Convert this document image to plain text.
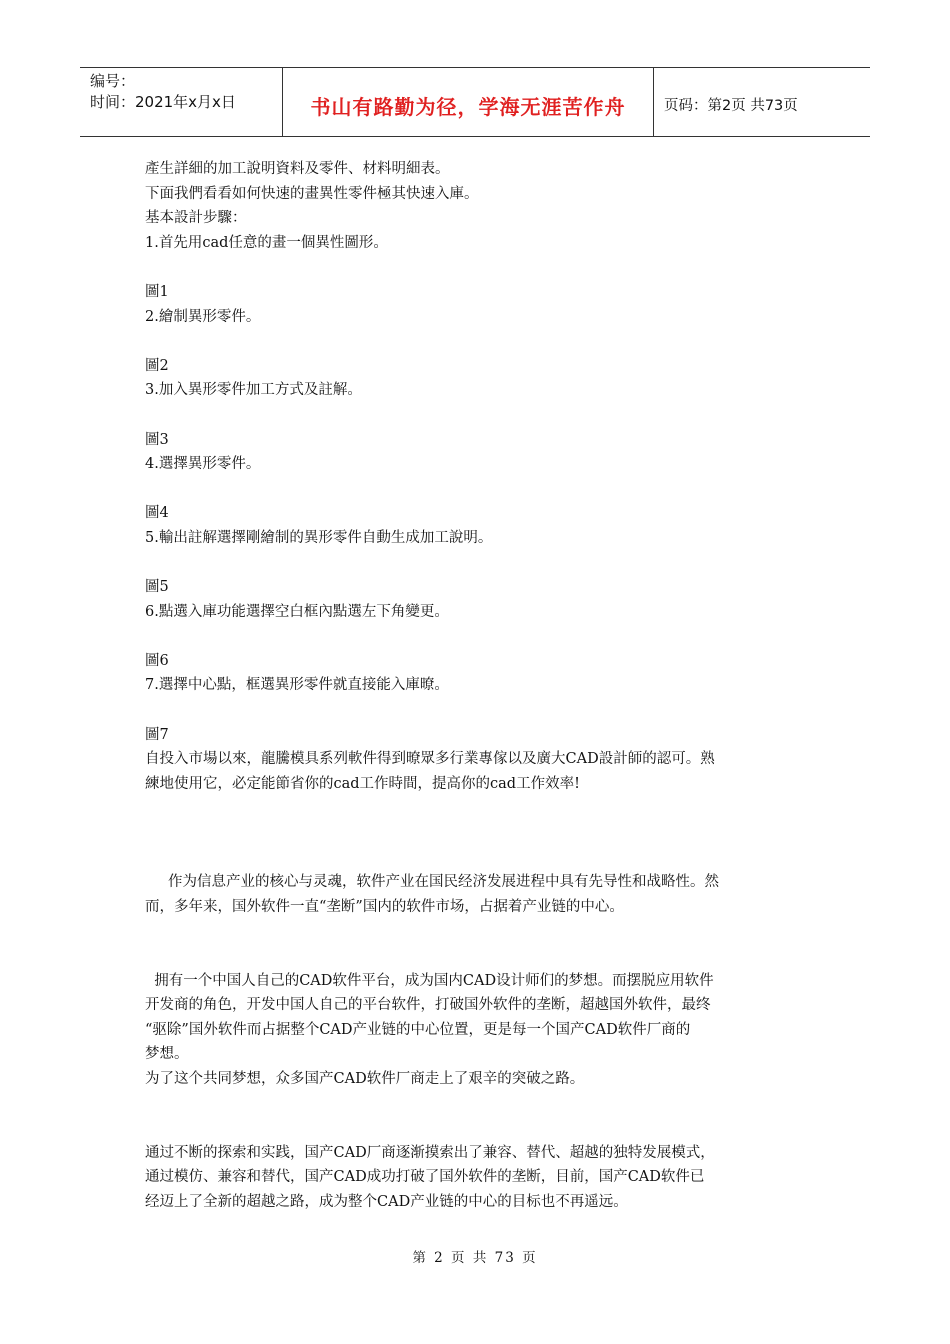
编号：
时间：2021年x月x日	书山有路勤为径，学海无涯苦作舟	页码：第2页 共73页

產生詳細的加工說明資料及零件、材料明細表。

下面我們看看如何快速的畫異性零件極其快速入庫。

基本設計步驟：

1.首先用cad任意的畫一個異性圖形。

圖1

2.繪制異形零件。

圖2

3.加入異形零件加工方式及註解。

圖3

4.選擇異形零件。

圖4

5.輸出註解選擇剛繪制的異形零件自動生成加工說明。

圖5

6.點選入庫功能選擇空白框內點選左下角變更。

圖6

7.選擇中心點，框選異形零件就直接能入庫暸。

圖7

自投入市場以來，龍騰模具系列軟件得到暸眾多行業專傢以及廣大CAD設計師的認可。熟

練地使用它，必定能節省你的cad工作時間，提高你的cad工作效率!

作为信息产业的核心与灵魂，软件产业在国民经济发展进程中具有先导性和战略性。然

而，多年来，国外软件一直“垄断”国内的软件市场，占据着产业链的中心。

拥有一个中国人自己的CAD软件平台，成为国内CAD设计师们的梦想。而摆脱应用软件

开发商的角色，开发中国人自己的平台软件，打破国外软件的垄断，超越国外软件，最终

“驱除”国外软件而占据整个CAD产业链的中心位置，更是每一个国产CAD软件厂商的

梦想。

为了这个共同梦想，众多国产CAD软件厂商走上了艰辛的突破之路。

通过不断的探索和实践，国产CAD厂商逐渐摸索出了兼容、替代、超越的独特发展模式，

通过模仿、兼容和替代，国产CAD成功打破了国外软件的垄断，目前，国产CAD软件已

经迈上了全新的超越之路，成为整个CAD产业链的中心的目标也不再遥远。

第 2 页 共 73 页
